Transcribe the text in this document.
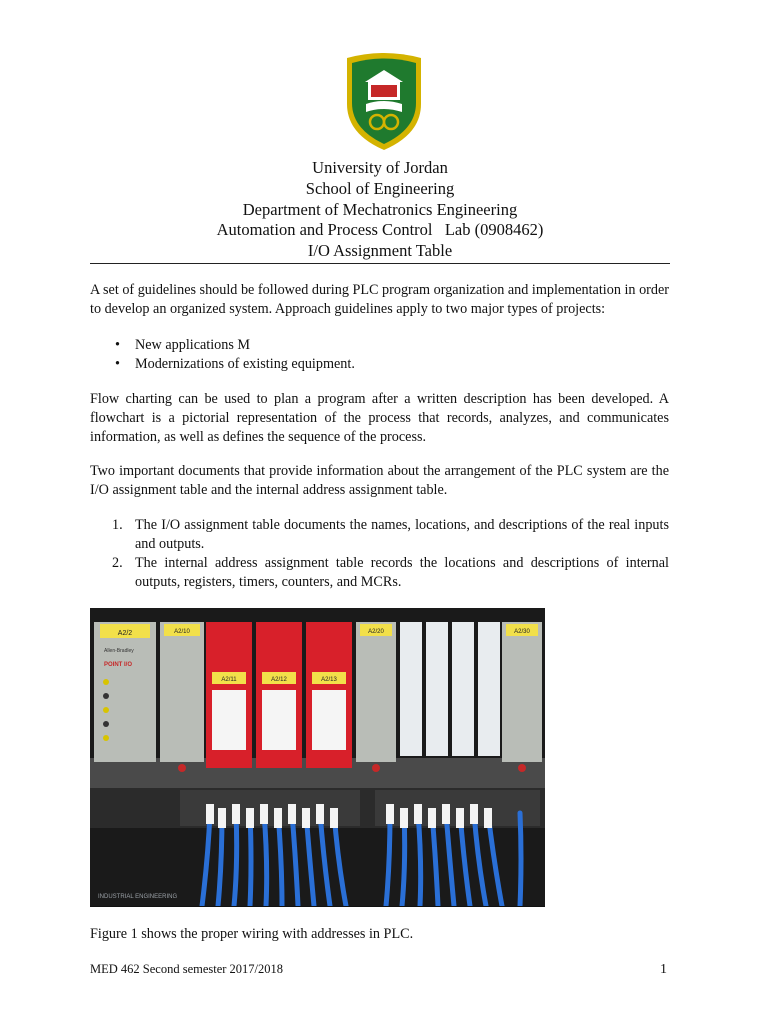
University of Jordan
School of Engineering
Department of Mechatronics Engineering
Automation and Process Control   Lab (0908462)
I/O Assignment Table
A set of guidelines should be followed during PLC program organization and implementation in order to develop an organized system. Approach guidelines apply to two major types of projects:
• New applications M
• Modernizations of existing equipment.
Flow charting can be used to plan a program after a written description has been developed. A flowchart is a pictorial representation of the process that records, analyzes, and communicates information, as well as defines the sequence of the process.
Two important documents that provide information about the arrangement of the PLC system are the I/O assignment table and the internal address assignment table.
1. The I/O assignment table documents the names, locations, and descriptions of the real inputs and outputs.
2. The internal address assignment table records the locations and descriptions of internal outputs, registers, timers, counters, and MCRs.
A2/2
Allen-Bradley
POINT I/O
A2/10
A2/11	A2/12	A2/13
A2/20	A2/30
INDUSTRIAL ENGINEERING
Figure 1 shows the proper wiring with addresses in PLC.
MED 462 Second semester 2017/2018	1
